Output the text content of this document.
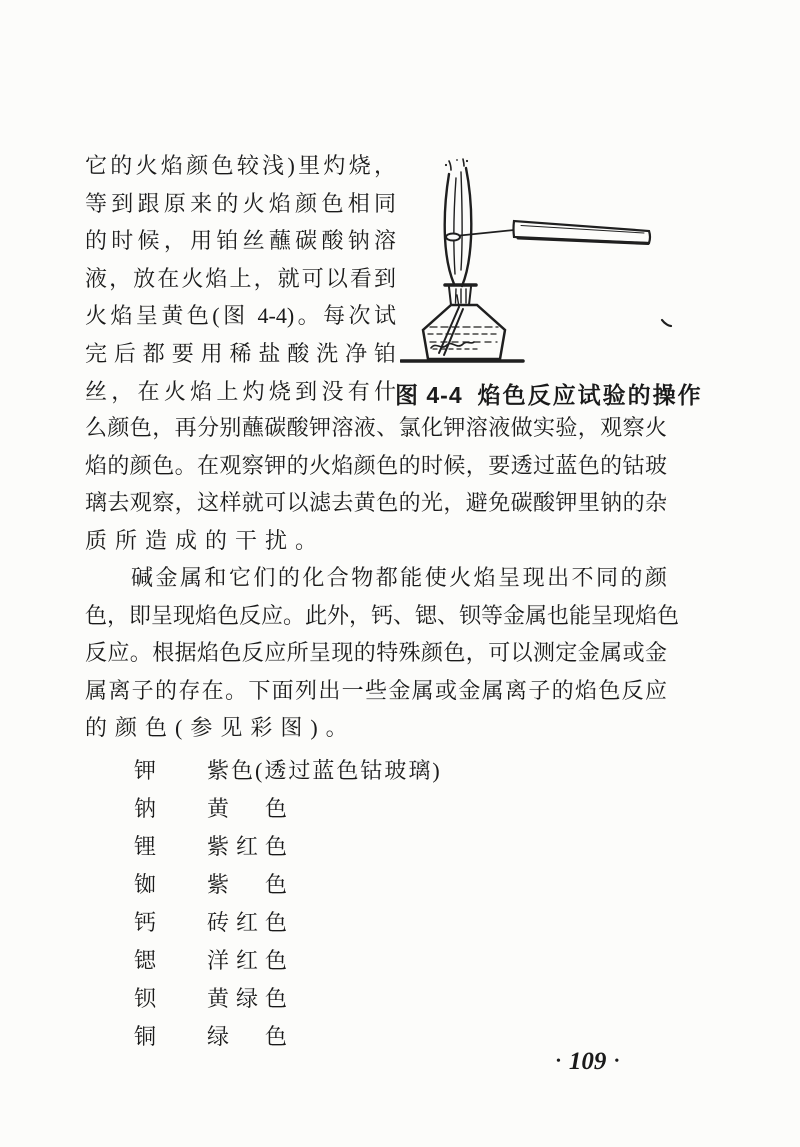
它的火焰颜色较浅)里灼烧，
等到跟原来的火焰颜色相同
的时候，用铂丝蘸碳酸钠溶
液，放在火焰上，就可以看到
火焰呈黄色(图 4-4)。每次试
完后都要用稀盐酸洗净铂
丝，在火焰上灼烧到没有什 图 4-4 焰色反应试验的操作
么颜色，再分别蘸碳酸钾溶液、氯化钾溶液做实验，观察火
焰的颜色。在观察钾的火焰颜色的时候，要透过蓝色的钴玻
璃去观察，这样就可以滤去黄色的光，避免碳酸钾里钠的杂
质所造成的干扰。
碱金属和它们的化合物都能使火焰呈现出不同的颜
色，即呈现焰色反应。此外，钙、锶、钡等金属也能呈现焰色
反应。根据焰色反应所呈现的特殊颜色，可以测定金属或金
属离子的存在。下面列出一些金属或金属离子的焰色反应
的颜色(参见彩图)。
钾	紫色(透过蓝色钴玻璃)
钠	黄　色
锂	紫红色
铷	紫　色
钙	砖红色
锶	洋红色
钡	黄绿色
铜	绿　色
• 109 •
